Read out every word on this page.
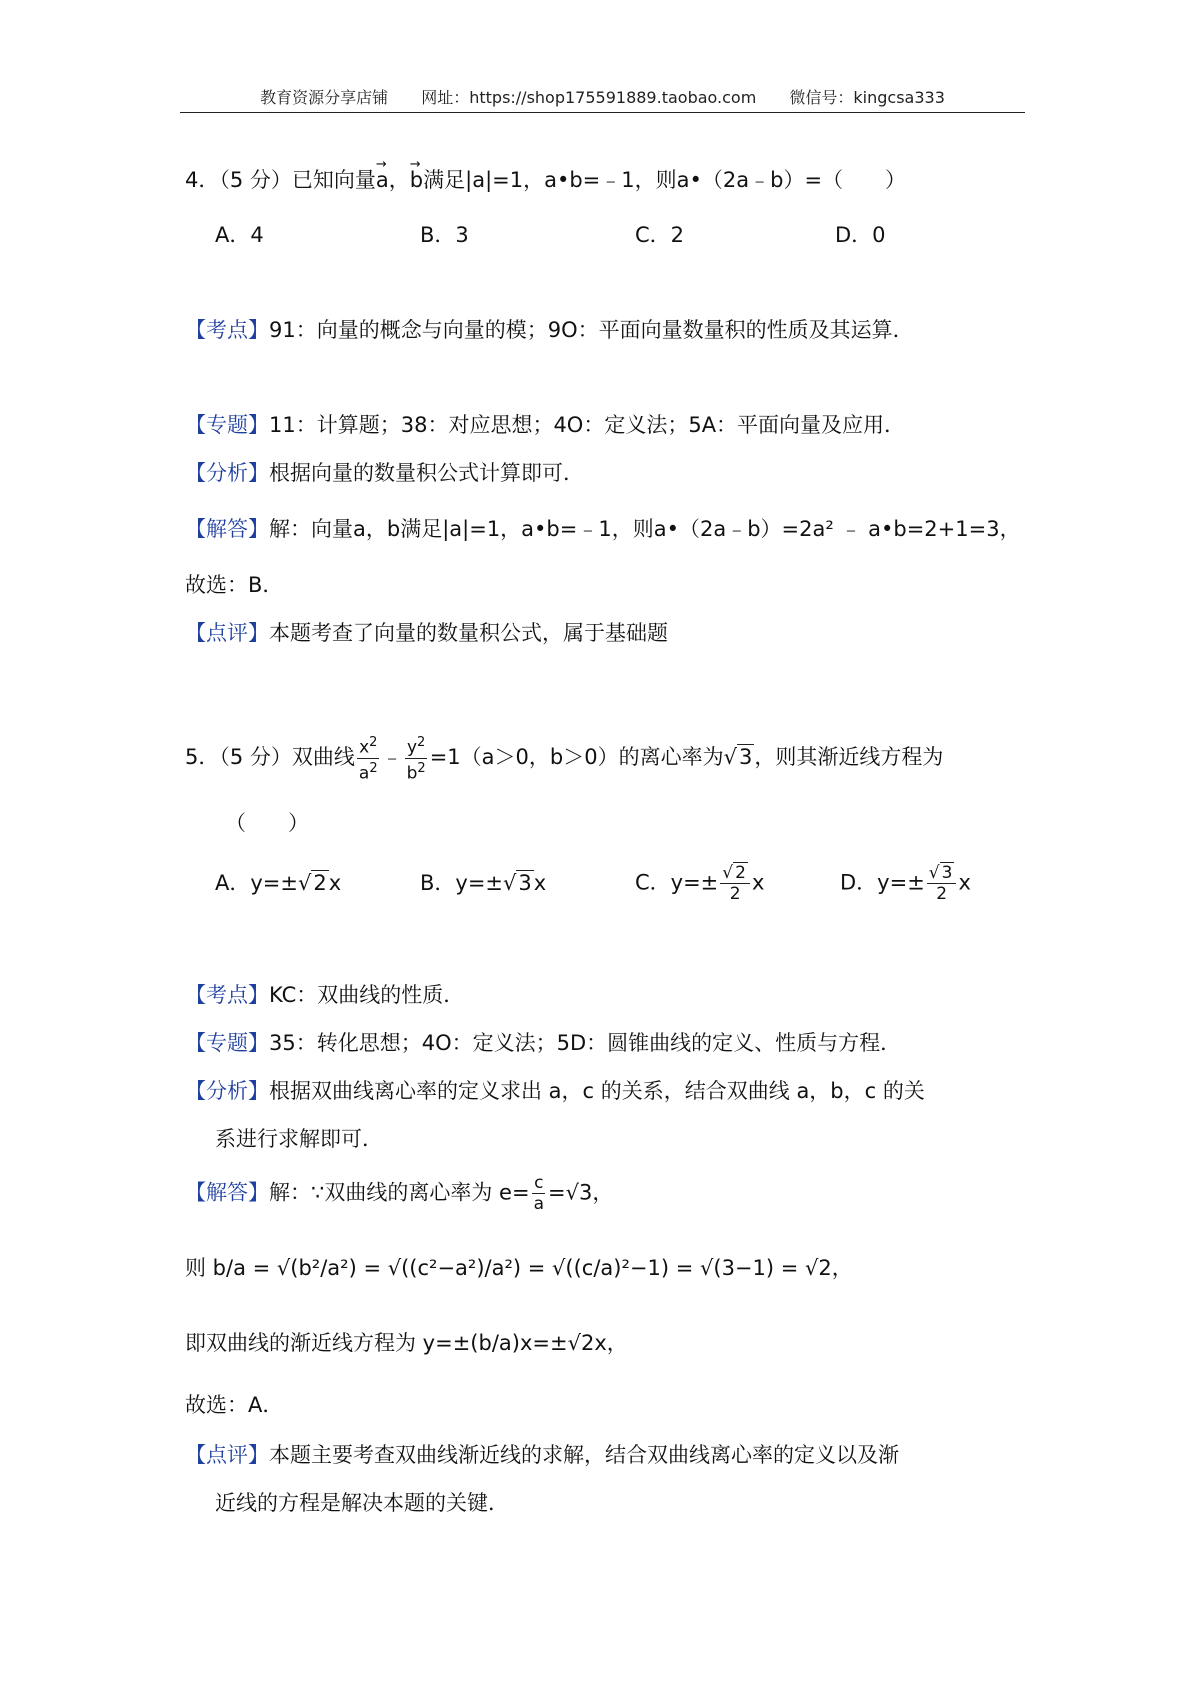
教育资源分享店铺 网址：https://shop175591889.taobao.com 微信号：kingcsa333
4．（5 分）已知向量→ a，→ b满足|a|=1，a•b=﹣1，则a•（2a﹣b）=（　　）
A．4	B．3	C．2	D．0
【考点】91：向量的概念与向量的模；9O：平面向量数量积的性质及其运算．
【专题】11：计算题；38：对应思想；4O：定义法；5A：平面向量及应用．
【分析】根据向量的数量积公式计算即可．
【解答】解：向量a，b满足|a|=1，a•b=﹣1，则a•（2a﹣b）=2a² ﹣ a•b=2+1=3，
故选：B．
【点评】本题考查了向量的数量积公式，属于基础题
5．（5 分）双曲线 $\frac{x^2}{a^2}$ ﹣ $\frac{y^2}{b^2} =1(a>0$，b＞0）的离心率为√3，则其渐近线方程为
（　　）
A．y=±√2x	B．y=±√3x	C．$y=\pm \frac{√ 2}{2}$ x	D．$y=\pm \frac{√ 3}{2}$ x
【考点】KC：双曲线的性质．
【专题】35：转化思想；4O：定义法；5D：圆锥曲线的定义、性质与方程．
【分析】根据双曲线离心率的定义求出 a，c 的关系，结合双曲线 a，b，c 的关
系进行求解即可．
【解答】解：∵双曲线的离心率为 $e= \frac{c}{a} =√3$，
则 b/a = √(b²/a²) = √((c²−a²)/a²) = √((c/a)²−1) = √(3−1) = √2，
即双曲线的渐近线方程为 y=±(b/a)x=±√2x，
故选：A．
【点评】本题主要考查双曲线渐近线的求解，结合双曲线离心率的定义以及渐
近线的方程是解决本题的关键．
